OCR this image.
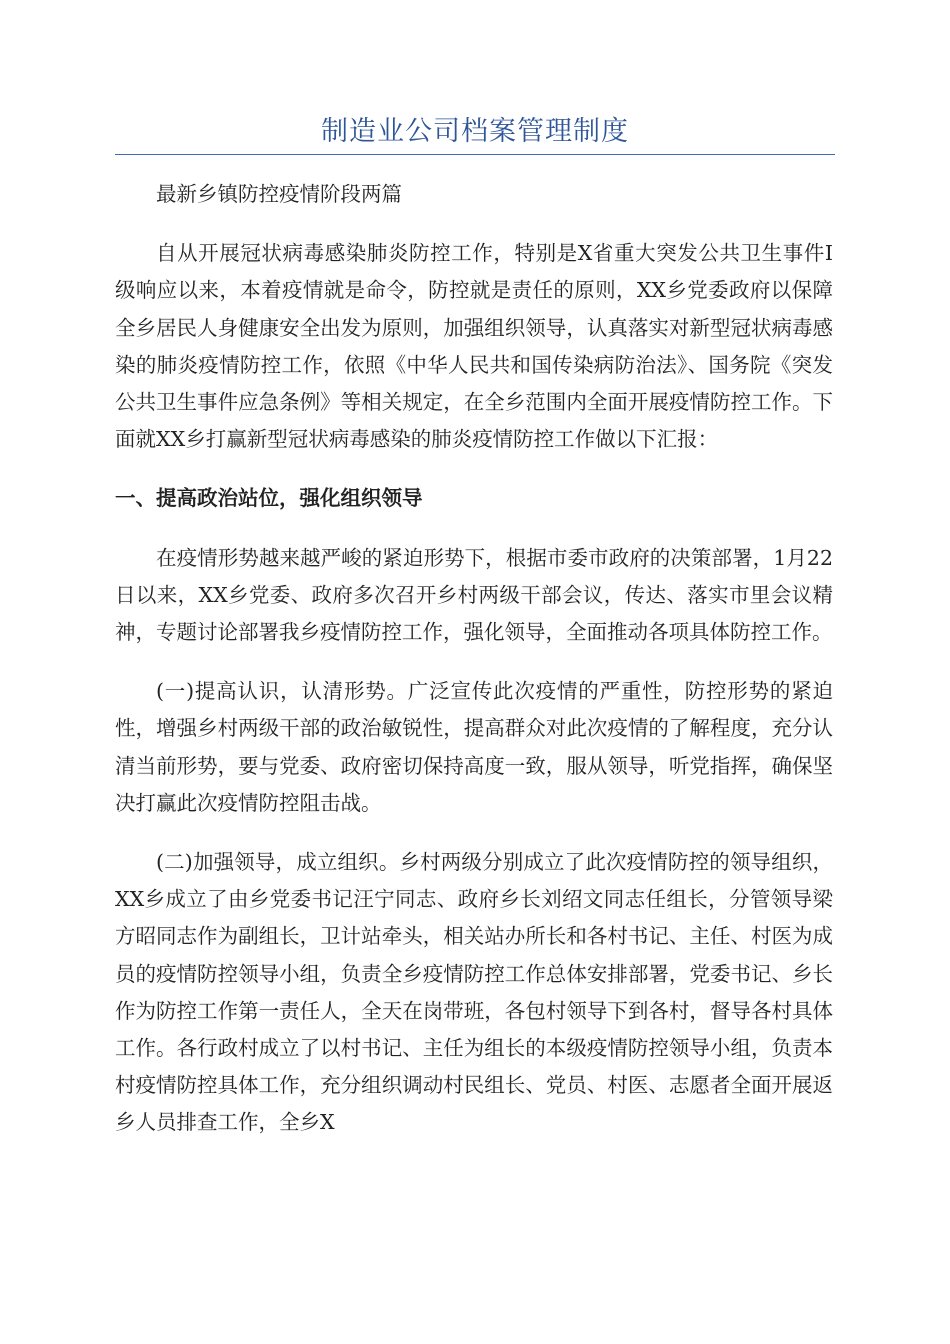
制造业公司档案管理制度

最新乡镇防控疫情阶段两篇

自从开展冠状病毒感染肺炎防控工作，特别是X省重大突发公共卫生事件Ⅰ级响应以来，本着疫情就是命令，防控就是责任的原则，XX乡党委政府以保障全乡居民人身健康安全出发为原则，加强组织领导，认真落实对新型冠状病毒感染的肺炎疫情防控工作，依照《中华人民共和国传染病防治法》、国务院《突发公共卫生事件应急条例》等相关规定，在全乡范围内全面开展疫情防控工作。下面就XX乡打赢新型冠状病毒感染的肺炎疫情防控工作做以下汇报：

一、提高政治站位，强化组织领导

在疫情形势越来越严峻的紧迫形势下，根据市委市政府的决策部署，1月22日以来，XX乡党委、政府多次召开乡村两级干部会议，传达、落实市里会议精神，专题讨论部署我乡疫情防控工作，强化领导，全面推动各项具体防控工作。

(一)提高认识，认清形势。广泛宣传此次疫情的严重性，防控形势的紧迫性，增强乡村两级干部的政治敏锐性，提高群众对此次疫情的了解程度，充分认清当前形势，要与党委、政府密切保持高度一致，服从领导，听党指挥，确保坚决打赢此次疫情防控阻击战。

(二)加强领导，成立组织。乡村两级分别成立了此次疫情防控的领导组织，XX乡成立了由乡党委书记汪宁同志、政府乡长刘绍文同志任组长，分管领导梁方昭同志作为副组长，卫计站牵头，相关站办所长和各村书记、主任、村医为成员的疫情防控领导小组，负责全乡疫情防控工作总体安排部署，党委书记、乡长作为防控工作第一责任人，全天在岗带班，各包村领导下到各村，督导各村具体工作。各行政村成立了以村书记、主任为组长的本级疫情防控领导小组，负责本村疫情防控具体工作，充分组织调动村民组长、党员、村医、志愿者全面开展返乡人员排查工作，全乡X
